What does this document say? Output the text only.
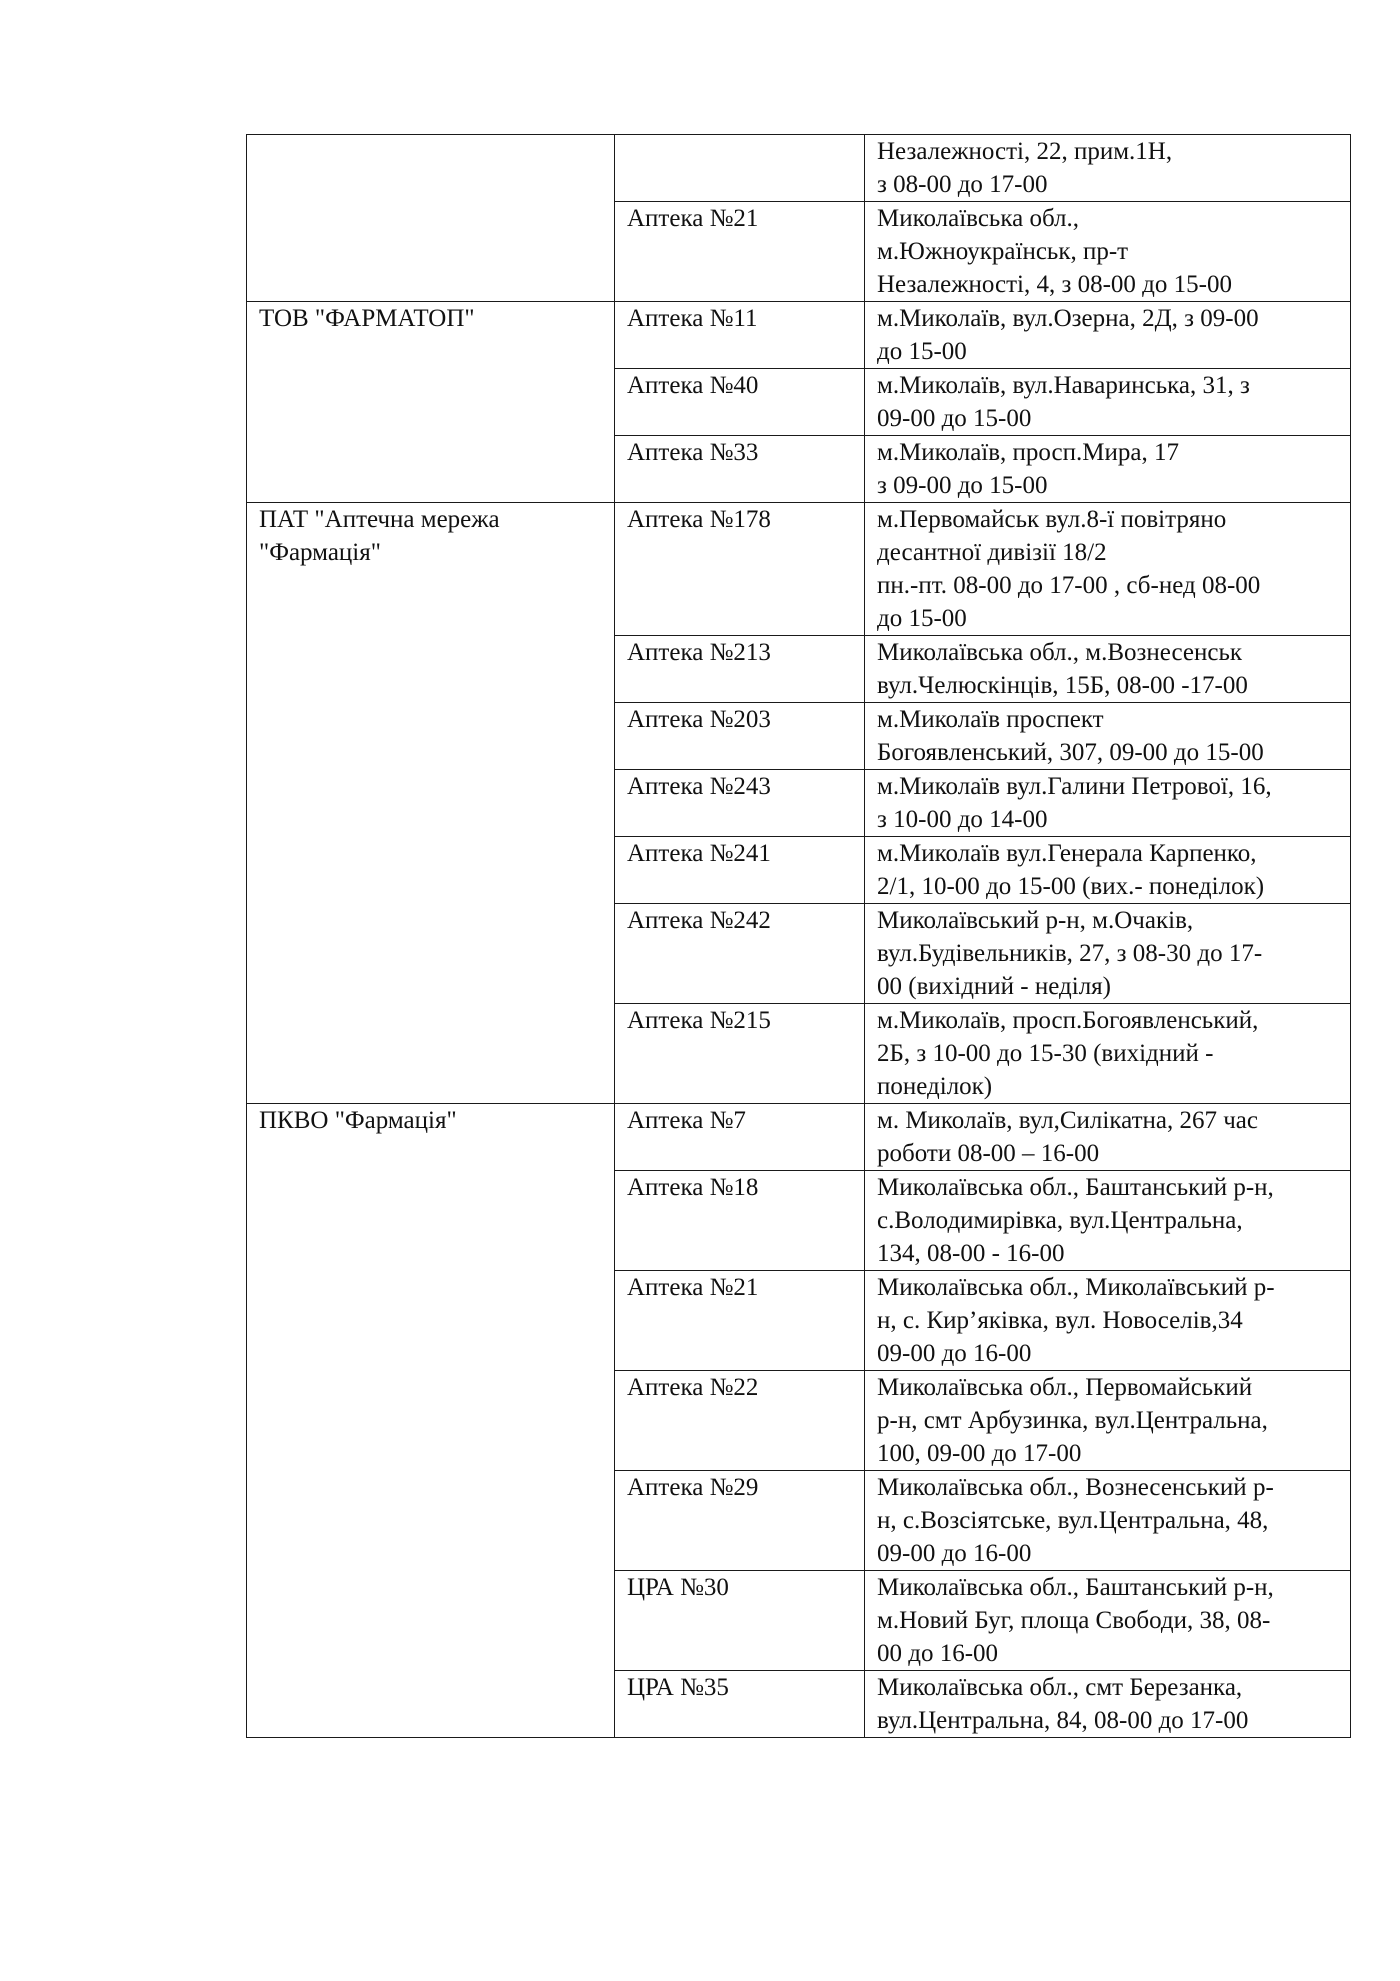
		Незалежності, 22, прим.1Н,
з 08-00 до 17-00
	Аптека №21	Миколаївська обл.,
м.Южноукраїнськ, пр-т
Незалежності, 4, з 08-00 до 15-00
ТОВ "ФАРМАТОП"	Аптека №11	м.Миколаїв, вул.Озерна, 2Д, з 09-00
до 15-00
	Аптека №40	м.Миколаїв, вул.Наваринська, 31, з
09-00 до 15-00
	Аптека №33	м.Миколаїв, просп.Мира, 17
з 09-00 до 15-00
ПАТ "Аптечна мережа
"Фармація"	Аптека №178	м.Первомайськ вул.8-ї повітряно
десантної дивізії 18/2
пн.-пт. 08-00 до 17-00 , сб-нед 08-00
до 15-00
	Аптека №213	Миколаївська обл., м.Вознесенськ
вул.Челюскінців, 15Б, 08-00 -17-00
	Аптека №203	м.Миколаїв проспект
Богоявленський, 307, 09-00 до 15-00
	Аптека №243	м.Миколаїв вул.Галини Петрової, 16,
з 10-00 до 14-00
	Аптека №241	м.Миколаїв вул.Генерала Карпенко,
2/1, 10-00 до 15-00 (вих.- понеділок)
	Аптека №242	Миколаївський р-н, м.Очаків,
вул.Будівельників, 27, з 08-30 до 17-
00 (вихідний - неділя)
	Аптека №215	м.Миколаїв, просп.Богоявленський,
2Б, з 10-00 до 15-30 (вихідний -
понеділок)
ПКВО "Фармація"	Аптека №7	м. Миколаїв, вул,Силікатна, 267 час
роботи 08-00 – 16-00
	Аптека №18	Миколаївська обл., Баштанський р-н,
с.Володимирівка, вул.Центральна,
134, 08-00 - 16-00
	Аптека №21	Миколаївська обл., Миколаївський р-
н, с. Кир’яківка, вул. Новоселів,34
09-00 до 16-00
	Аптека №22	Миколаївська обл., Первомайський
р-н, смт Арбузинка, вул.Центральна,
100, 09-00 до 17-00
	Аптека №29	Миколаївська обл., Вознесенський р-
н, с.Возсіятське, вул.Центральна, 48,
09-00 до 16-00
	ЦРА №30	Миколаївська обл., Баштанський р-н,
м.Новий Буг, площа Свободи, 38, 08-
00 до 16-00
	ЦРА №35	Миколаївська обл., смт Березанка,
вул.Центральна, 84, 08-00 до 17-00
